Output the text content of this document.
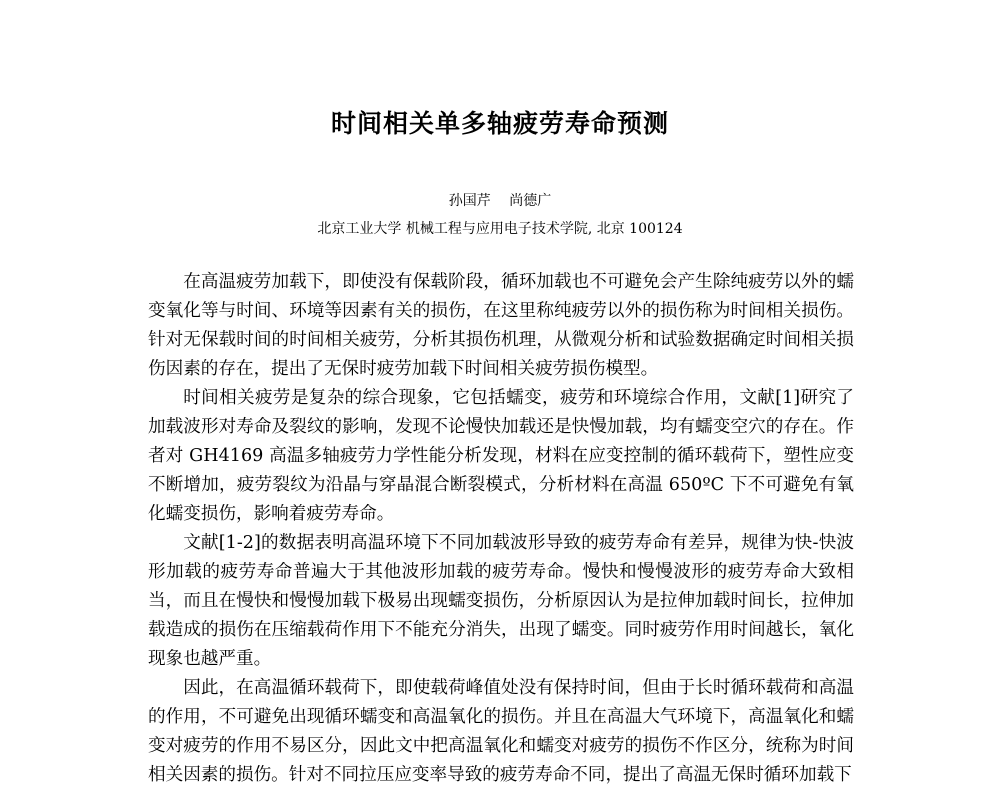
时间相关单多轴疲劳寿命预测
孙国芹 尚德广
北京工业大学 机械工程与应用电子技术学院, 北京 100124

在高温疲劳加载下，即使没有保载阶段，循环加载也不可避免会产生除纯疲劳以外的蠕变氧化等与时间、环境等因素有关的损伤，在这里称纯疲劳以外的损伤称为时间相关损伤。针对无保载时间的时间相关疲劳，分析其损伤机理，从微观分析和试验数据确定时间相关损伤因素的存在，提出了无保时疲劳加载下时间相关疲劳损伤模型。

时间相关疲劳是复杂的综合现象，它包括蠕变，疲劳和环境综合作用，文献[1]研究了加载波形对寿命及裂纹的影响，发现不论慢快加载还是快慢加载，均有蠕变空穴的存在。作者对 GH4169 高温多轴疲劳力学性能分析发现，材料在应变控制的循环载荷下，塑性应变不断增加，疲劳裂纹为沿晶与穿晶混合断裂模式，分析材料在高温 650ºC 下不可避免有氧化蠕变损伤，影响着疲劳寿命。

文献[1-2]的数据表明高温环境下不同加载波形导致的疲劳寿命有差异，规律为快-快波形加载的疲劳寿命普遍大于其他波形加载的疲劳寿命。慢快和慢慢波形的疲劳寿命大致相当，而且在慢快和慢慢加载下极易出现蠕变损伤，分析原因认为是拉伸加载时间长，拉伸加载造成的损伤在压缩载荷作用下不能充分消失，出现了蠕变。同时疲劳作用时间越长，氧化现象也越严重。

因此，在高温循环载荷下，即使载荷峰值处没有保持时间，但由于长时循环载荷和高温的作用，不可避免出现循环蠕变和高温氧化的损伤。并且在高温大气环境下，高温氧化和蠕变对疲劳的作用不易区分，因此文中把高温氧化和蠕变对疲劳的损伤不作区分，统称为时间相关因素的损伤。针对不同拉压应变率导致的疲劳寿命不同，提出了高温无保时循环加载下
